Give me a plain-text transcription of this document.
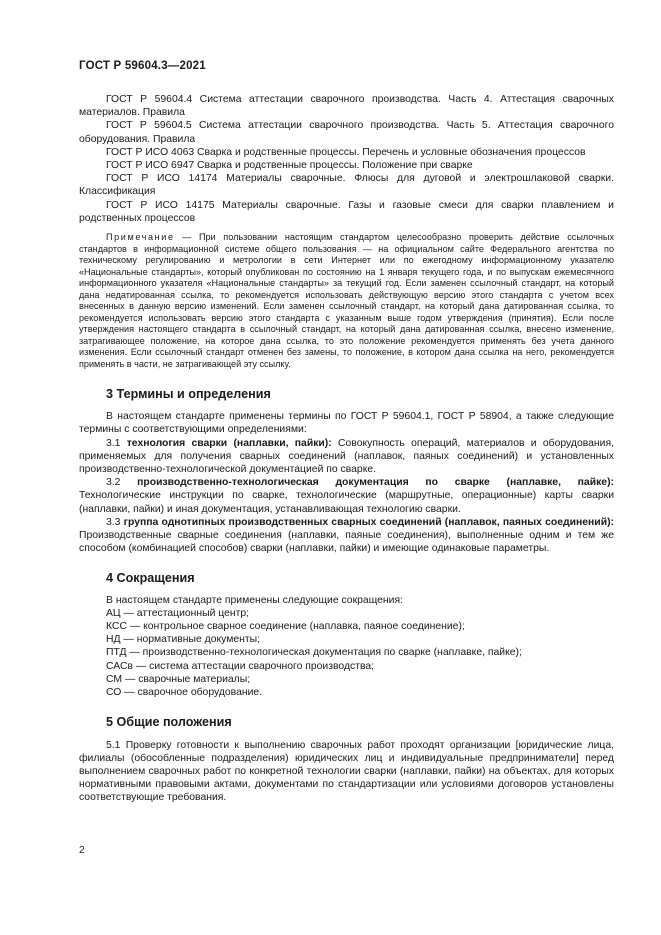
ГОСТ Р 59604.3—2021

ГОСТ Р 59604.4 Система аттестации сварочного производства. Часть 4. Аттестация сварочных материалов. Правила

ГОСТ Р 59604.5 Система аттестации сварочного производства. Часть 5. Аттестация сварочного оборудования. Правила

ГОСТ Р ИСО 4063 Сварка и родственные процессы. Перечень и условные обозначения процессов

ГОСТ Р ИСО 6947 Сварка и родственные процессы. Положение при сварке

ГОСТ Р ИСО 14174 Материалы сварочные. Флюсы для дуговой и электрошлаковой сварки. Классификация

ГОСТ Р ИСО 14175 Материалы сварочные. Газы и газовые смеси для сварки плавлением и родственных процессов

Примечание — При пользовании настоящим стандартом целесообразно проверить действие ссылочных стандартов в информационной системе общего пользования — на официальном сайте Федерального агентства по техническому регулированию и метрологии в сети Интернет или по ежегодному информационному указателю «Национальные стандарты», который опубликован по состоянию на 1 января текущего года, и по выпускам ежемесячного информационного указателя «Национальные стандарты» за текущий год. Если заменен ссылочный стандарт, на который дана недатированная ссылка, то рекомендуется использовать действующую версию этого стандарта с учетом всех внесенных в данную версию изменений. Если заменен ссылочный стандарт, на который дана датированная ссылка, то рекомендуется использовать версию этого стандарта с указанным выше годом утверждения (принятия). Если после утверждения настоящего стандарта в ссылочный стандарт, на который дана датированная ссылка, внесено изменение, затрагивающее положение, на которое дана ссылка, то это положение рекомендуется применять без учета данного изменения. Если ссылочный стандарт отменен без замены, то положение, в котором дана ссылка на него, рекомендуется применять в части, не затрагивающей эту ссылку.

3 Термины и определения

В настоящем стандарте применены термины по ГОСТ Р 59604.1, ГОСТ Р 58904, а также следующие термины с соответствующими определениями:

3.1 технология сварки (наплавки, пайки): Совокупность операций, материалов и оборудования, применяемых для получения сварных соединений (наплавок, паяных соединений) и установленных производственно-технологической документацией по сварке.

3.2 производственно-технологическая документация по сварке (наплавке, пайке): Технологические инструкции по сварке, технологические (маршрутные, операционные) карты сварки (наплавки, пайки) и иная документация, устанавливающая технологию сварки.

3.3 группа однотипных производственных сварных соединений (наплавок, паяных соединений): Производственные сварные соединения (наплавки, паяные соединения), выполненные одним и тем же способом (комбинацией способов) сварки (наплавки, пайки) и имеющие одинаковые параметры.

4 Сокращения

В настоящем стандарте применены следующие сокращения:

АЦ — аттестационный центр;

КСС — контрольное сварное соединение (наплавка, паяное соединение);

НД — нормативные документы;

ПТД — производственно-технологическая документация по сварке (наплавке, пайке);

САСв — система аттестации сварочного производства;

СМ — сварочные материалы;

СО — сварочное оборудование.

5 Общие положения

5.1 Проверку готовности к выполнению сварочных работ проходят организации [юридические лица, филиалы (обособленные подразделения) юридических лиц и индивидуальные предприниматели] перед выполнением сварочных работ по конкретной технологии сварки (наплавки, пайки) на объектах, для которых нормативными правовыми актами, документами по стандартизации или условиями договоров установлены соответствующие требования.

2
